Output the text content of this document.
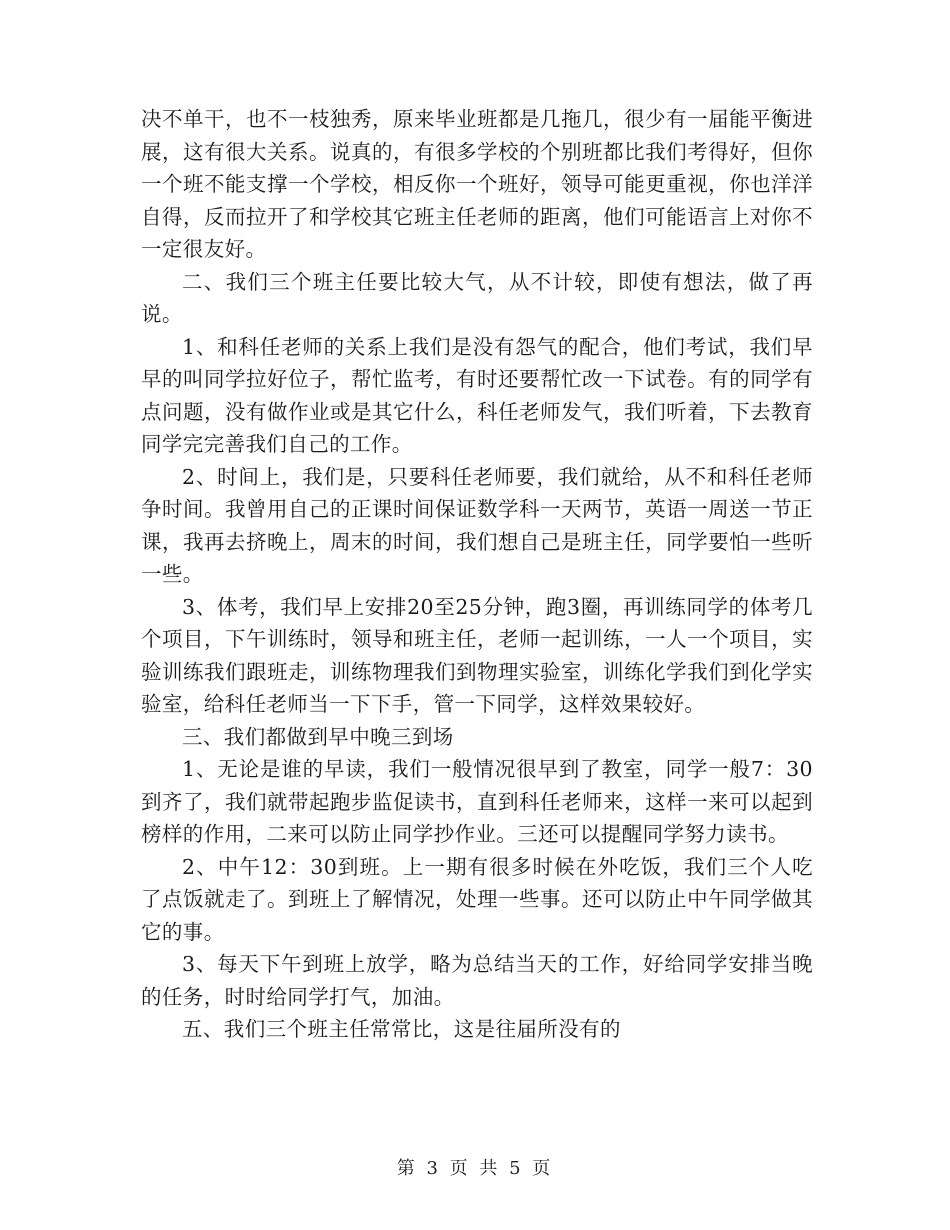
决不单干，也不一枝独秀，原来毕业班都是几拖几，很少有一届能平衡进展，这有很大关系。说真的，有很多学校的个别班都比我们考得好，但你一个班不能支撑一个学校，相反你一个班好，领导可能更重视，你也洋洋自得，反而拉开了和学校其它班主任老师的距离，他们可能语言上对你不一定很友好。

二、我们三个班主任要比较大气，从不计较，即使有想法，做了再说。

1、和科任老师的关系上我们是没有怨气的配合，他们考试，我们早早的叫同学拉好位子，帮忙监考，有时还要帮忙改一下试卷。有的同学有点问题，没有做作业或是其它什么，科任老师发气，我们听着，下去教育同学完完善我们自己的工作。

2、时间上，我们是，只要科任老师要，我们就给，从不和科任老师争时间。我曾用自己的正课时间保证数学科一天两节，英语一周送一节正课，我再去挤晚上，周末的时间，我们想自己是班主任，同学要怕一些听一些。

3、体考，我们早上安排20至25分钟，跑3圈，再训练同学的体考几个项目，下午训练时，领导和班主任，老师一起训练，一人一个项目，实验训练我们跟班走，训练物理我们到物理实验室，训练化学我们到化学实验室，给科任老师当一下下手，管一下同学，这样效果较好。

三、我们都做到早中晚三到场

1、无论是谁的早读，我们一般情况很早到了教室，同学一般7：30到齐了，我们就带起跑步监促读书，直到科任老师来，这样一来可以起到榜样的作用，二来可以防止同学抄作业。三还可以提醒同学努力读书。

2、中午12：30到班。上一期有很多时候在外吃饭，我们三个人吃了点饭就走了。到班上了解情况，处理一些事。还可以防止中午同学做其它的事。

3、每天下午到班上放学，略为总结当天的工作，好给同学安排当晚的任务，时时给同学打气，加油。

五、我们三个班主任常常比，这是往届所没有的

第 3 页 共 5 页
